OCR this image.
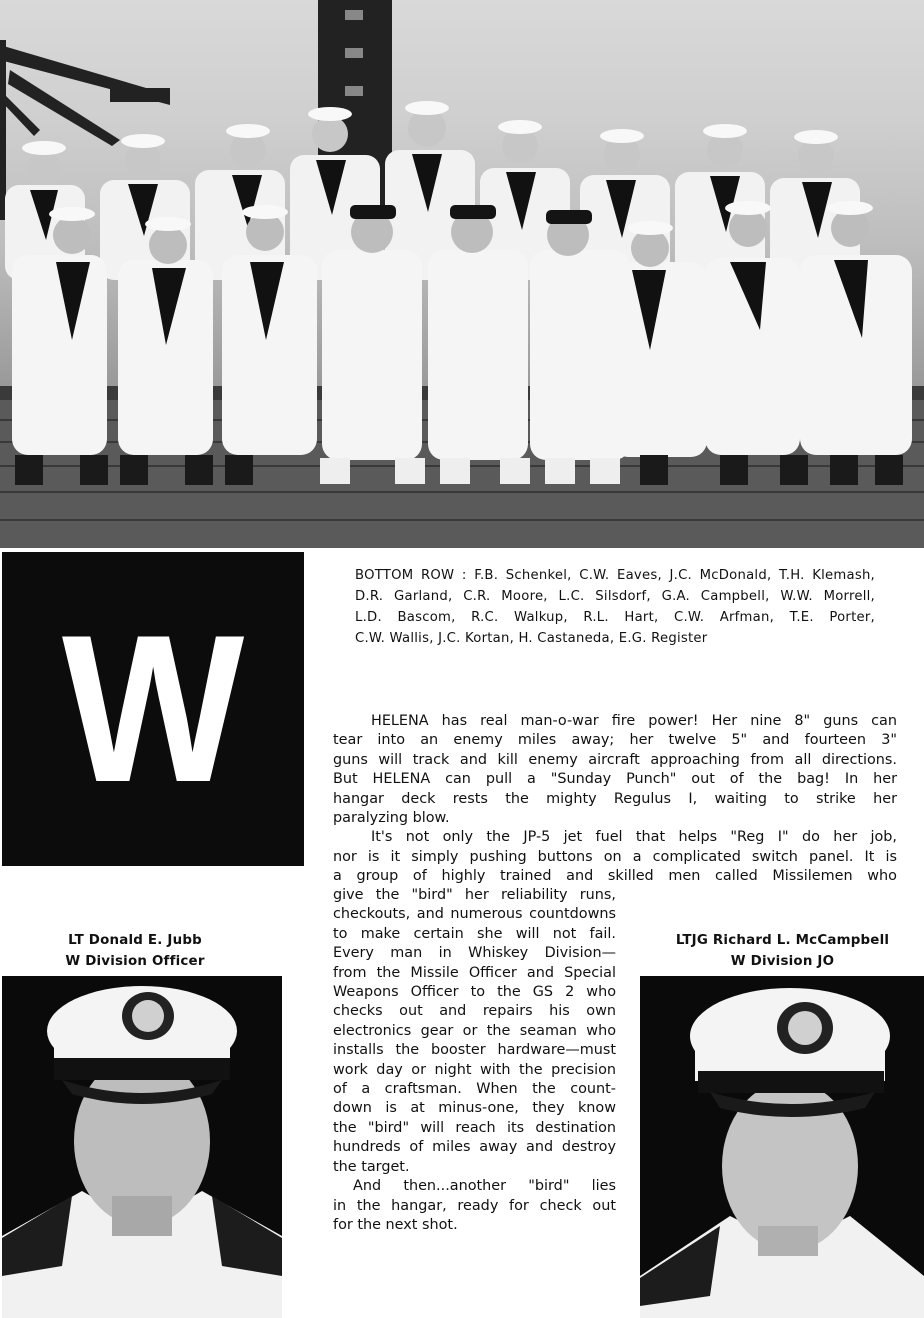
W
BOTTOM ROW : F.B. Schenkel, C.W. Eaves, J.C. McDonald, T.H. Klemash,
D.R. Garland, C.R. Moore, L.C. Silsdorf, G.A. Campbell, W.W. Morrell,
L.D. Bascom, R.C. Walkup, R.L. Hart, C.W. Arfman, T.E. Porter,
C.W. Wallis, J.C. Kortan, H. Castaneda, E.G. Register
HELENA has real man-o-war fire power! Her nine 8" guns can
tear into an enemy miles away; her twelve 5" and fourteen 3"
guns will track and kill enemy aircraft approaching from all directions.
But HELENA can pull a "Sunday Punch" out of the bag! In her
hangar deck rests the mighty Regulus I, waiting to strike her
paralyzing blow.
It's not only the JP-5 jet fuel that helps "Reg I" do her job,
nor is it simply pushing buttons on a complicated switch panel. It is
a group of highly trained and skilled men called Missilemen who
give the "bird" her reliability runs,
checkouts, and numerous countdowns
to make certain she will not fail.
Every man in Whiskey Division—
from the Missile Officer and Special
Weapons Officer to the GS 2 who
checks out and repairs his own
electronics gear or the seaman who
installs the booster hardware—must
work day or night with the precision
of a craftsman. When the count-
down is at minus-one, they know
the "bird" will reach its destination
hundreds of miles away and destroy
the target.
And then...another "bird" lies
in the hangar, ready for check out
for the next shot.
LT Donald E. Jubb
W Division Officer
LTJG Richard L. McCampbell
W Division JO
